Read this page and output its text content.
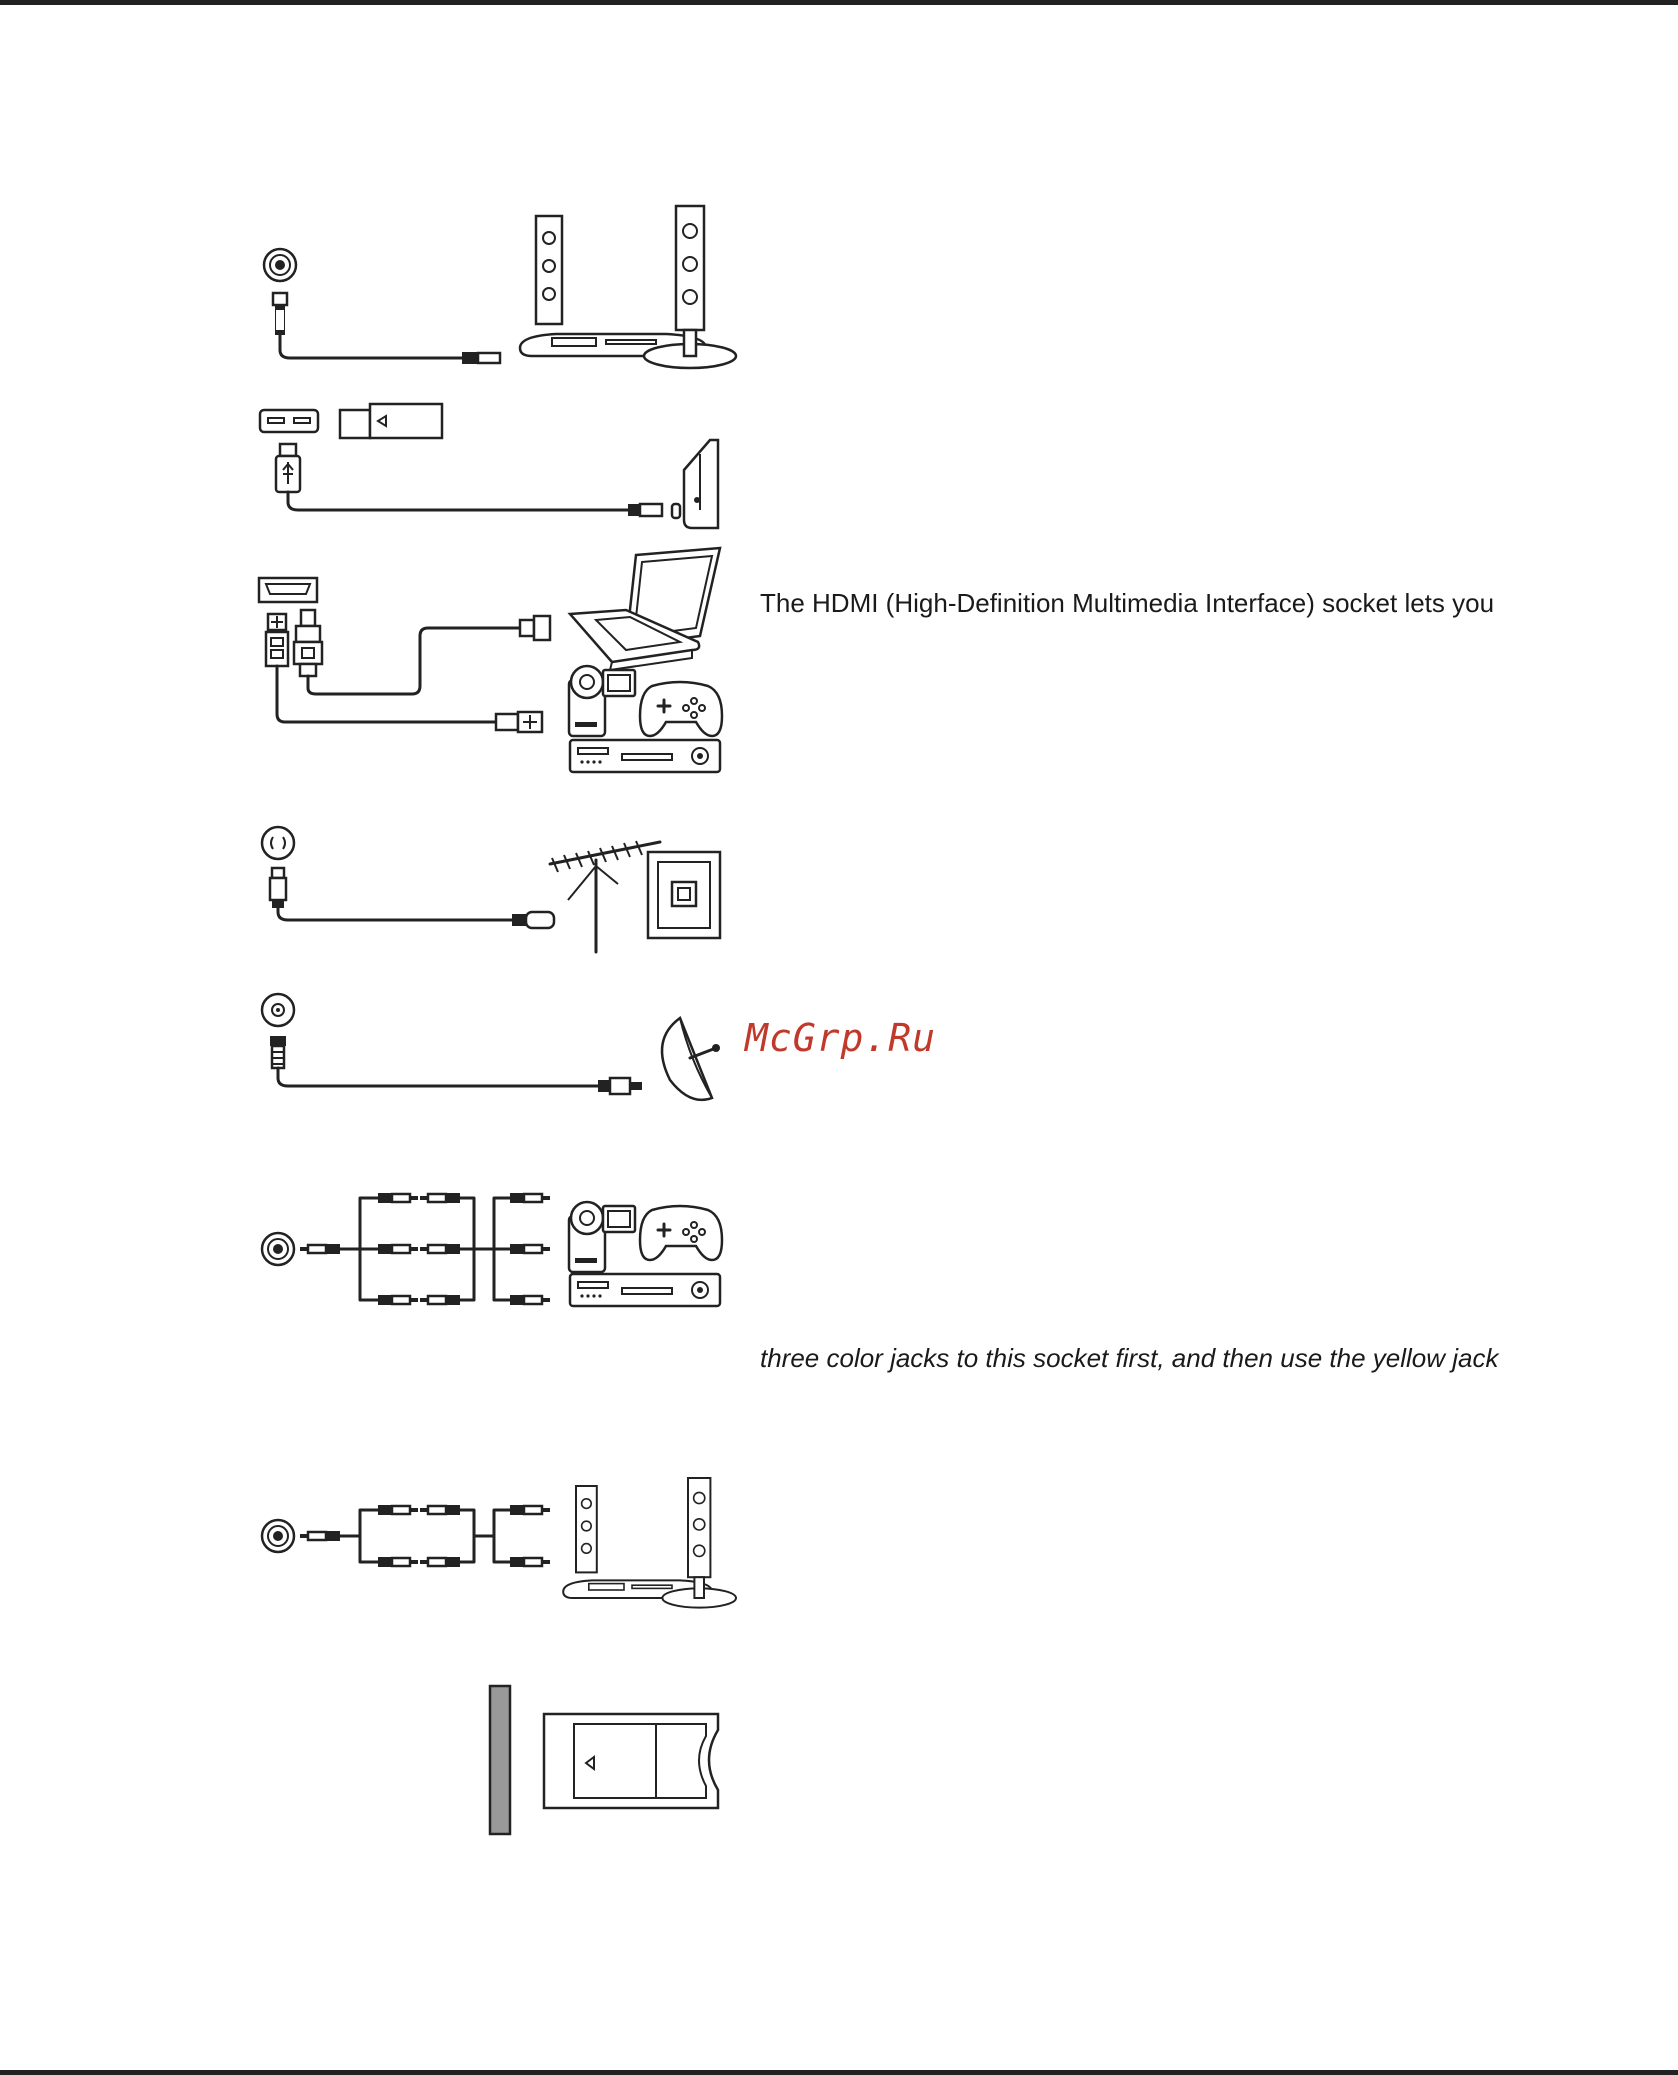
The HDMI (High-Definition Multimedia Interface) socket lets you
three color jacks to this socket first, and then use the yellow jack
McGrp.Ru
